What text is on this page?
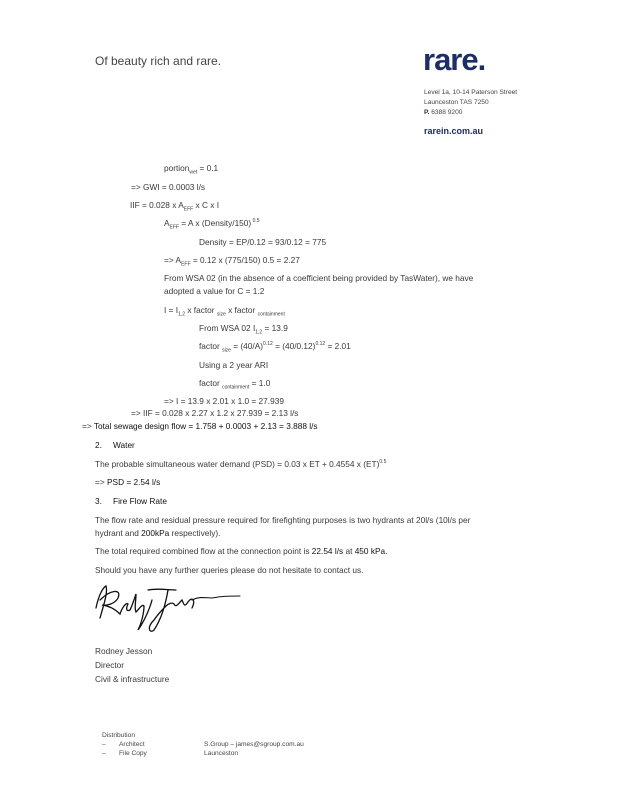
Of beauty rich and rare.	rare.
Level 1a, 10-14 Paterson Street
Launceston TAS 7250
P. 6388 9200
rarein.com.au
portion$_{wet}$ = 0.1
=> GWI = 0.0003 l/s
IIF = 0.028 x $A_{EFF}$ x C x I
$A_{EFF} = A$ x (Density/150) $^{0.5}$
Density = EP/0.12 = 93/0.12 = 775
=> $A_{EFF} = 0.12$ x (775/150) 0.5 = 2.27
From WSA 02 (in the absence of a coefficient being provided by TasWater), we have
adopted a value for C = 1.2
$I = I_{1,2}$ x factor $_{size}$ x factor $_{containment}$
From WSA 02 $I_{1,2} = 13.9$
factor $_{size} = (40/A)^{0.12} = (40/0.12)^{0.12} = 2.01$
Using a 2 year ARI
factor $_{containment}$ = 1.0
=> I = 13.9 x 2.01 x 1.0 = 27.939
=> IIF = 0.028 x 2.27 x 1.2 x 27.939 = 2.13 l/s
=> Total sewage design flow = 1.758 + 0.0003 + 2.13 = 3.888 l/s
2. Water
The probable simultaneous water demand (PSD) = 0.03 x ET + 0.4554 x (ET)$^{0.5}$
=> PSD = 2.54 l/s
3. Fire Flow Rate
The flow rate and residual pressure required for firefighting purposes is two hydrants at 20l/s (10l/s per
hydrant and 200kPa respectively).
The total required combined flow at the connection point is 22.54 l/s at 450 kPa.
Should you have any further queries please do not hesitate to contact us.
Rodney Jesson
Director
Civil & infrastructure
Distribution
– Architect	S.Group – james@sgroup.com.au
– File Copy	Launceston
